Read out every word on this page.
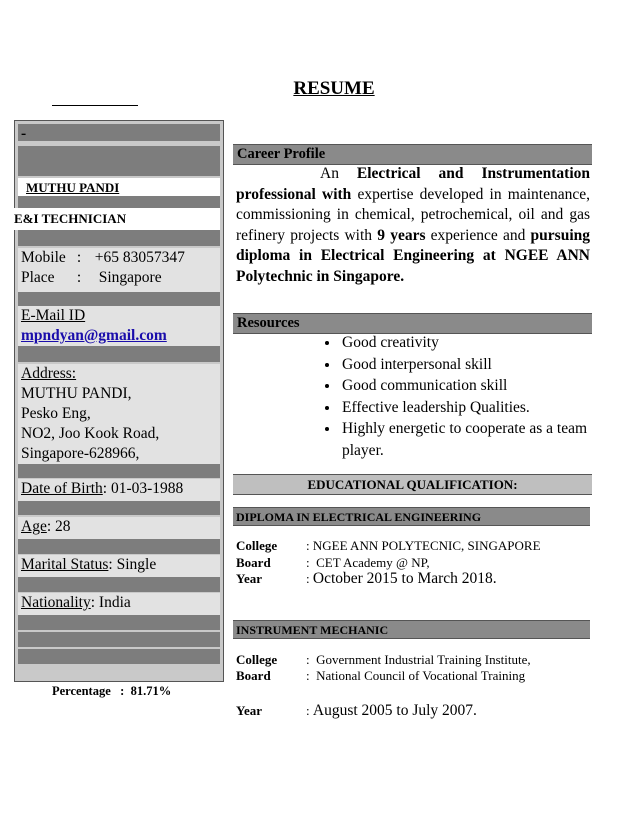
RESUME
-
MUTHU PANDI
E&I TECHNICIAN
Mobile : +65 83057347
Place : Singapore
E-Mail ID
mpndyan@gmail.com
Address:
MUTHU PANDI,
Pesko Eng,
NO2, Joo Kook Road,
Singapore-628966,
Date of Birth: 01-03-1988
Age: 28
Marital Status: Single
Nationality: India
Percentage : 81.71%
Career Profile
An Electrical and Instrumentation professional with expertise developed in maintenance, commissioning in chemical, petrochemical, oil and gas refinery projects with 9 years experience and pursuing diploma in Electrical Engineering at NGEE ANN Polytechnic in Singapore.
Resources
• Good creativity
• Good interpersonal skill
• Good communication skill
• Effective leadership Qualities.
• Highly energetic to cooperate as a team player.
EDUCATIONAL QUALIFICATION:
DIPLOMA IN ELECTRICAL ENGINEERING
College : NGEE ANN POLYTECNIC, SINGAPORE
Board	:  CET Academy @ NP,
Year	: October 2015 to March 2018.
INSTRUMENT MECHANIC
College :  Government Industrial Training Institute,
Board	:  National Council of Vocational Training
Year	: August 2005 to July 2007.
